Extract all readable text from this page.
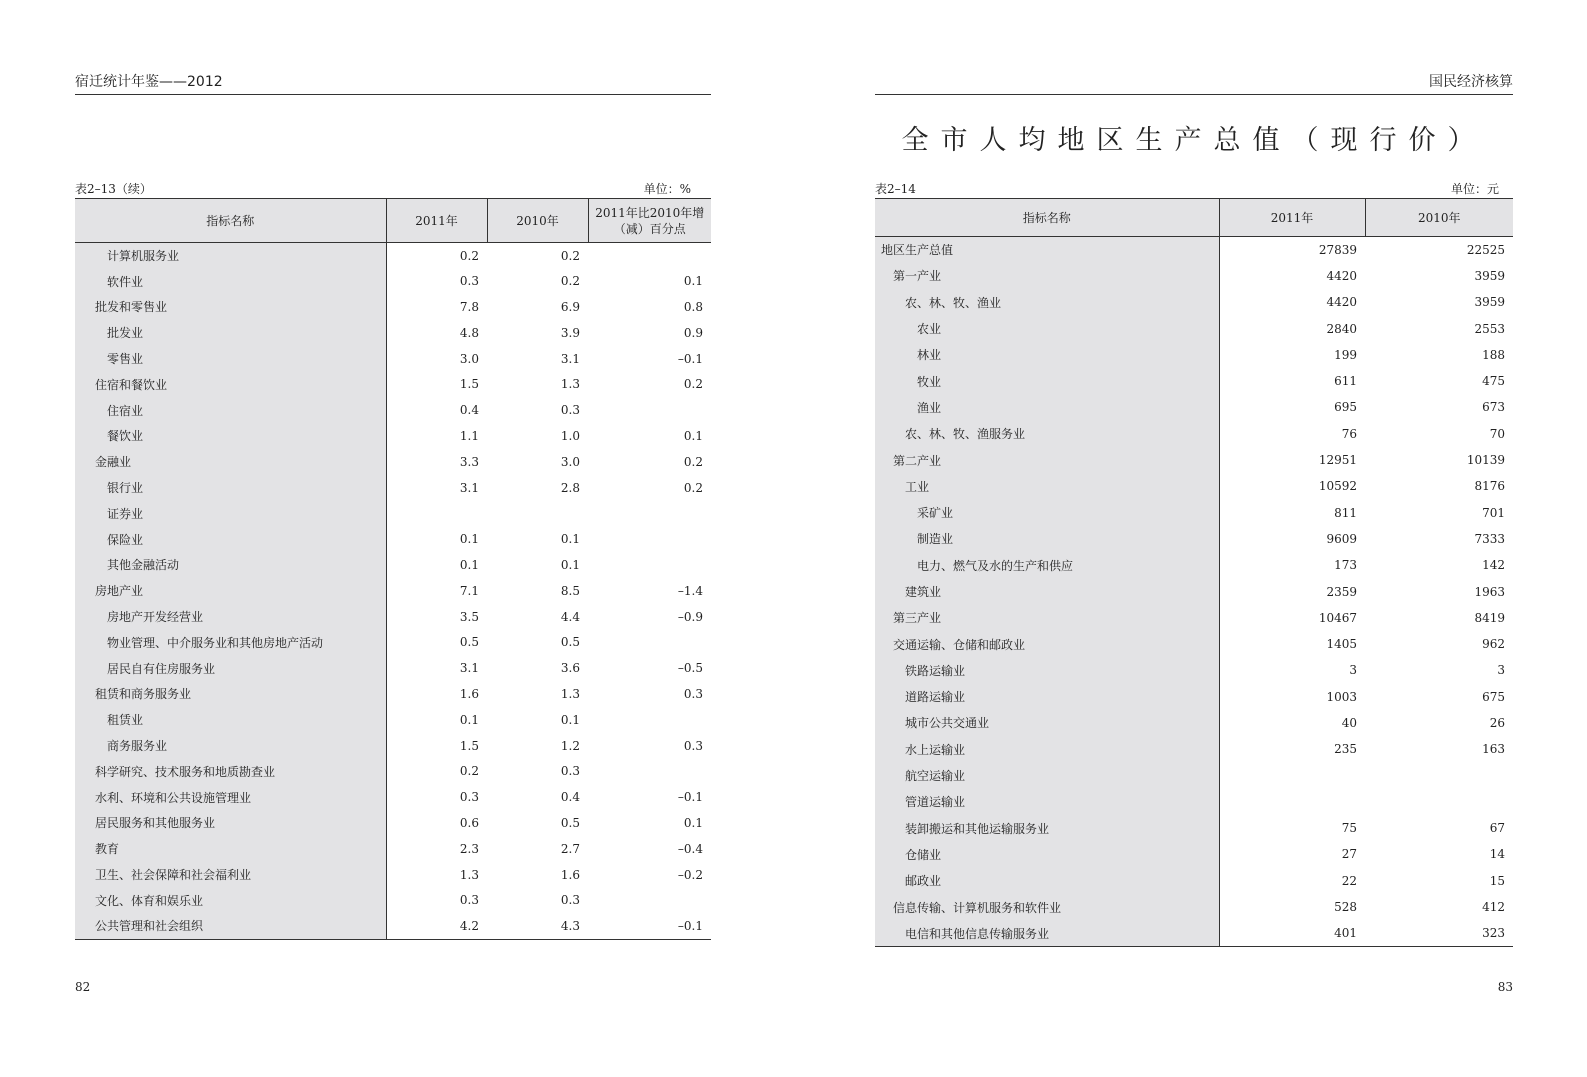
宿迁统计年鉴——2012
表2–13（续）	单位：%
指标名称	2011年	2010年	2011年比2010年增（减）百分点
计算机服务业	0.2	0.2	
软件业	0.3	0.2	0.1
批发和零售业	7.8	6.9	0.8
批发业	4.8	3.9	0.9
零售业	3.0	3.1	–0.1
住宿和餐饮业	1.5	1.3	0.2
住宿业	0.4	0.3	
餐饮业	1.1	1.0	0.1
金融业	3.3	3.0	0.2
银行业	3.1	2.8	0.2
证券业			
保险业	0.1	0.1	
其他金融活动	0.1	0.1	
房地产业	7.1	8.5	–1.4
房地产开发经营业	3.5	4.4	–0.9
物业管理、中介服务业和其他房地产活动	0.5	0.5	
居民自有住房服务业	3.1	3.6	–0.5
租赁和商务服务业	1.6	1.3	0.3
租赁业	0.1	0.1	
商务服务业	1.5	1.2	0.3
科学研究、技术服务和地质勘查业	0.2	0.3	
水利、环境和公共设施管理业	0.3	0.4	–0.1
居民服务和其他服务业	0.6	0.5	0.1
教育	2.3	2.7	–0.4
卫生、社会保障和社会福利业	1.3	1.6	–0.2
文化、体育和娱乐业	0.3	0.3	
公共管理和社会组织	4.2	4.3	–0.1
82
国民经济核算
全市人均地区生产总值（现行价）
表2–14	单位：元
指标名称	2011年	2010年
地区生产总值	27839	22525
第一产业	4420	3959
农、林、牧、渔业	4420	3959
农业	2840	2553
林业	199	188
牧业	611	475
渔业	695	673
农、林、牧、渔服务业	76	70
第二产业	12951	10139
工业	10592	8176
采矿业	811	701
制造业	9609	7333
电力、燃气及水的生产和供应	173	142
建筑业	2359	1963
第三产业	10467	8419
交通运输、仓储和邮政业	1405	962
铁路运输业	3	3
道路运输业	1003	675
城市公共交通业	40	26
水上运输业	235	163
航空运输业		
管道运输业		
装卸搬运和其他运输服务业	75	67
仓储业	27	14
邮政业	22	15
信息传输、计算机服务和软件业	528	412
电信和其他信息传输服务业	401	323
83
